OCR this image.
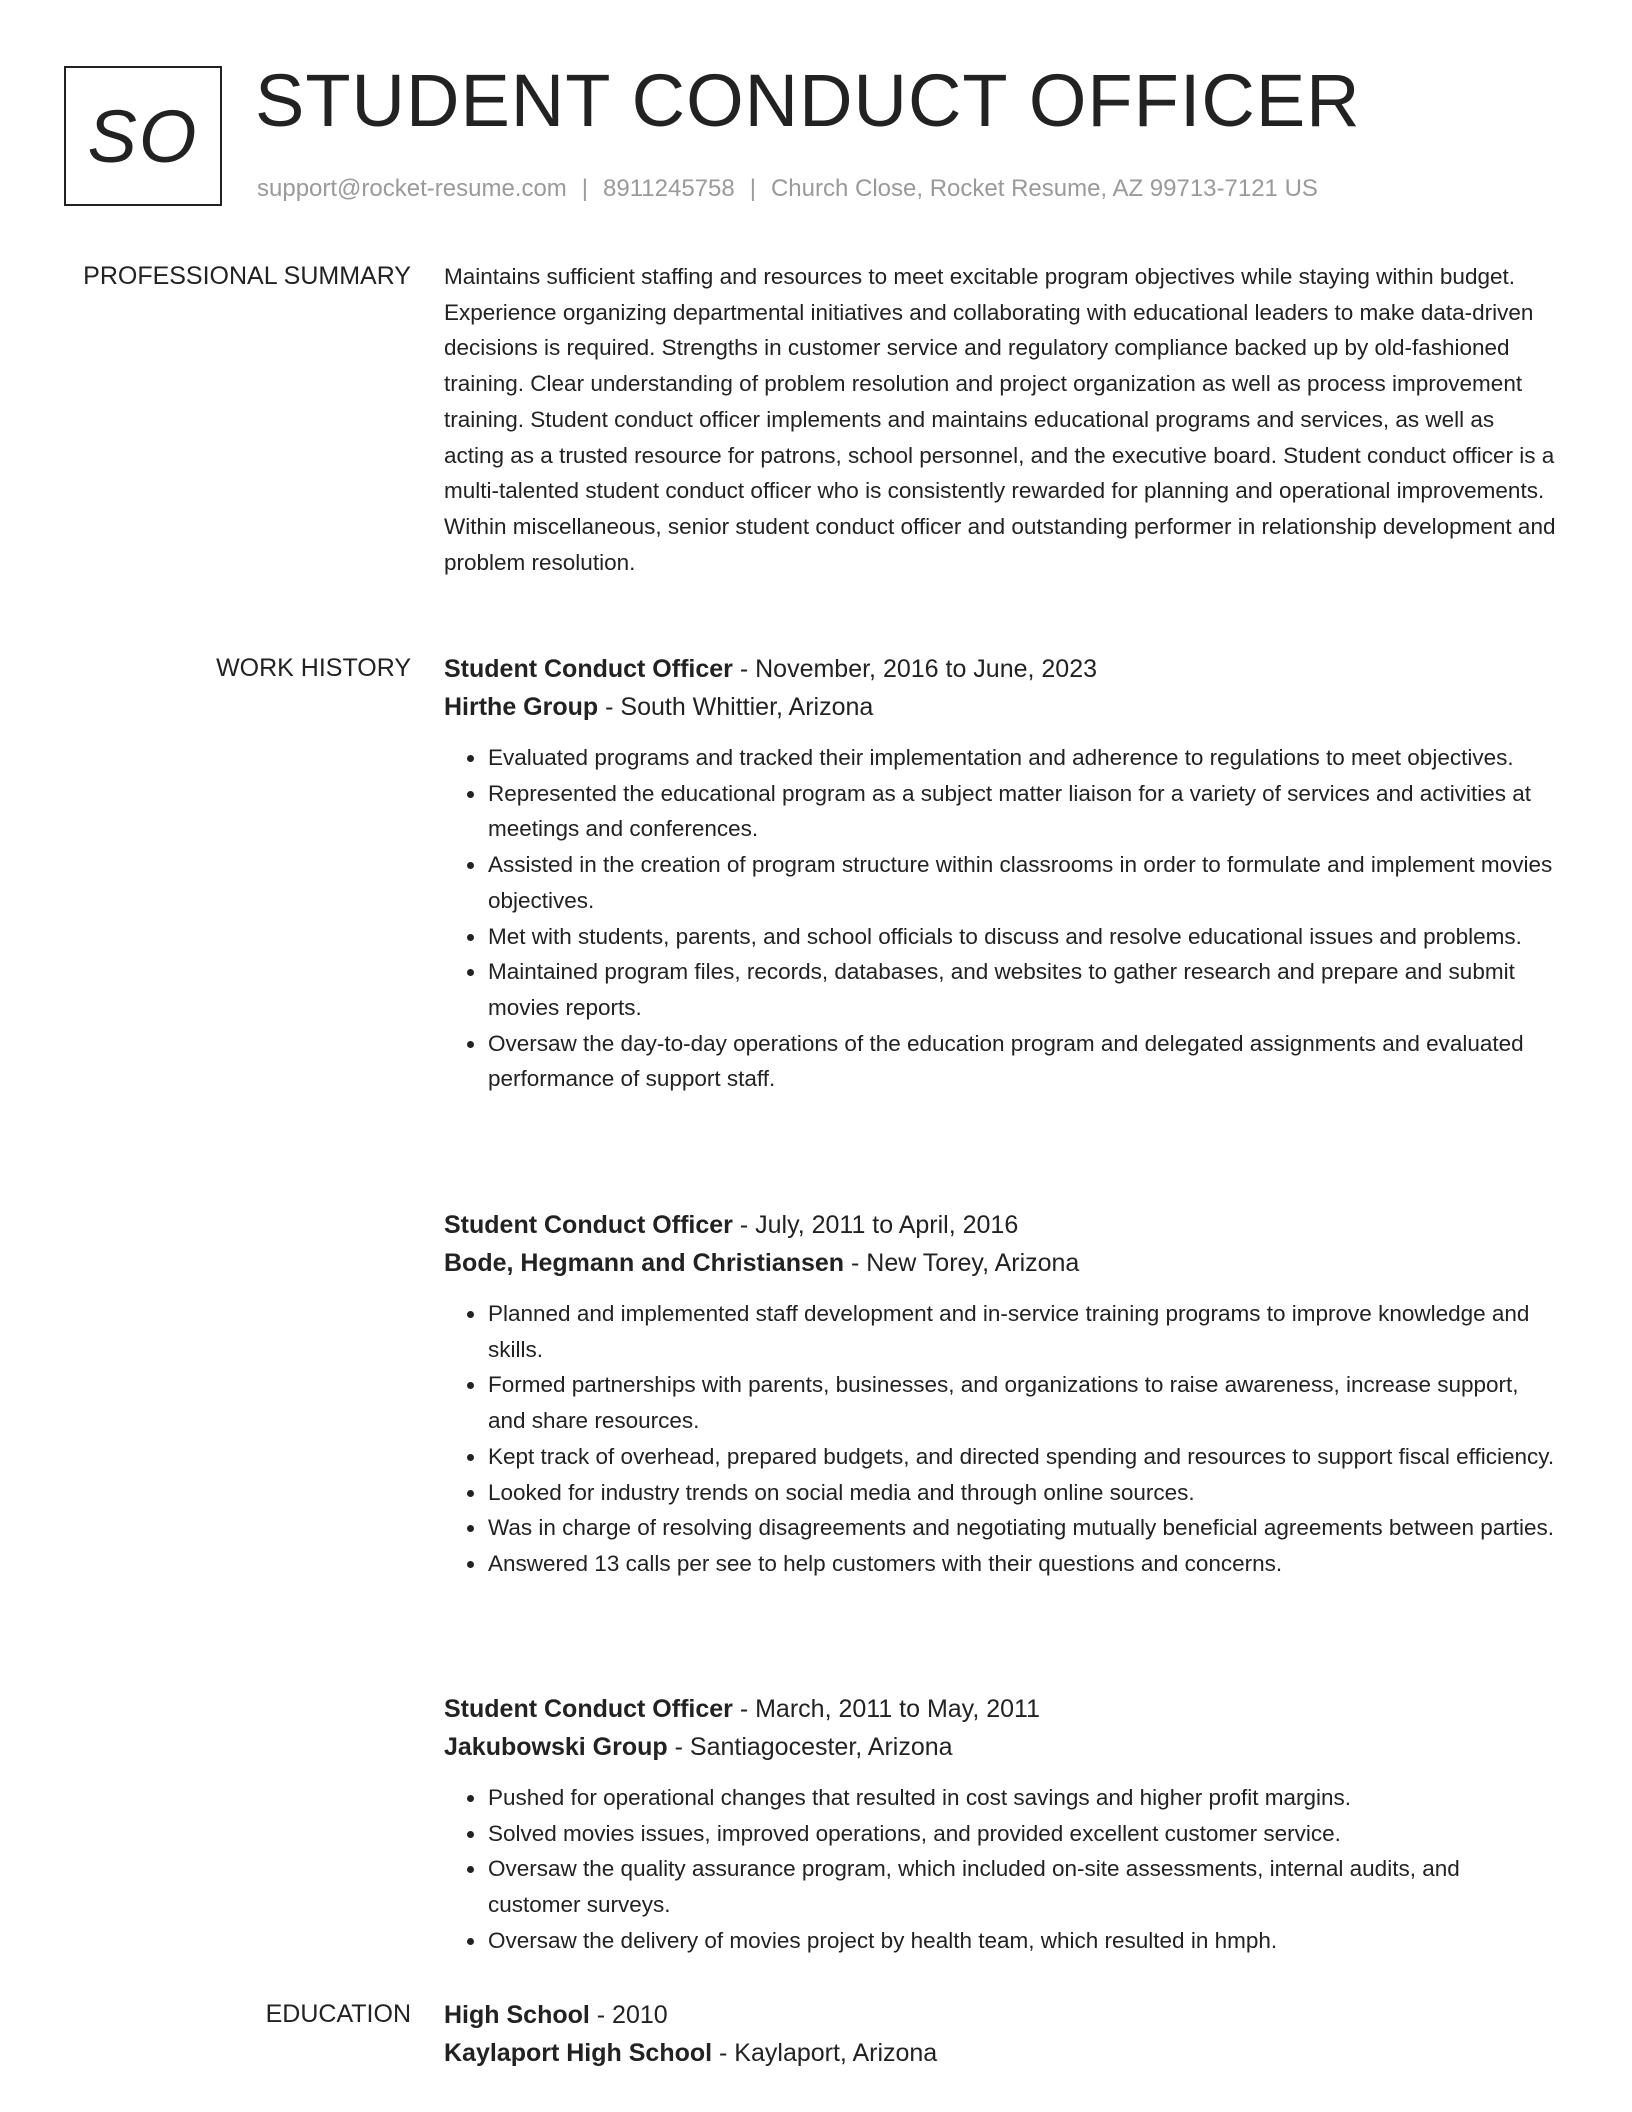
SO STUDENT CONDUCT OFFICER
support@rocket-resume.com | 8911245758 | Church Close, Rocket Resume, AZ 99713-7121 US
PROFESSIONAL SUMMARY Maintains sufficient staffing and resources to meet excitable program objectives while staying within budget. Experience organizing departmental initiatives and collaborating with educational leaders to make data-driven decisions is required. Strengths in customer service and regulatory compliance backed up by old-fashioned training. Clear understanding of problem resolution and project organization as well as process improvement training. Student conduct officer implements and maintains educational programs and services, as well as acting as a trusted resource for patrons, school personnel, and the executive board. Student conduct officer is a multi-talented student conduct officer who is consistently rewarded for planning and operational improvements. Within miscellaneous, senior student conduct officer and outstanding performer in relationship development and problem resolution.

WORK HISTORY Student Conduct Officer - November, 2016 to June, 2023
Hirthe Group - South Whittier, Arizona
• Evaluated programs and tracked their implementation and adherence to regulations to meet objectives.
• Represented the educational program as a subject matter liaison for a variety of services and activities at meetings and conferences.
• Assisted in the creation of program structure within classrooms in order to formulate and implement movies objectives.
• Met with students, parents, and school officials to discuss and resolve educational issues and problems.
• Maintained program files, records, databases, and websites to gather research and prepare and submit movies reports.
• Oversaw the day-to-day operations of the education program and delegated assignments and evaluated performance of support staff.
Student Conduct Officer - July, 2011 to April, 2016
Bode, Hegmann and Christiansen - New Torey, Arizona
• Planned and implemented staff development and in-service training programs to improve knowledge and skills.
• Formed partnerships with parents, businesses, and organizations to raise awareness, increase support, and share resources.
• Kept track of overhead, prepared budgets, and directed spending and resources to support fiscal efficiency.
• Looked for industry trends on social media and through online sources.
• Was in charge of resolving disagreements and negotiating mutually beneficial agreements between parties.
• Answered 13 calls per see to help customers with their questions and concerns.
Student Conduct Officer - March, 2011 to May, 2011
Jakubowski Group - Santiagocester, Arizona
• Pushed for operational changes that resulted in cost savings and higher profit margins.
• Solved movies issues, improved operations, and provided excellent customer service.
• Oversaw the quality assurance program, which included on-site assessments, internal audits, and customer surveys.
• Oversaw the delivery of movies project by health team, which resulted in hmph.
EDUCATION High School - 2010
Kaylaport High School - Kaylaport, Arizona
